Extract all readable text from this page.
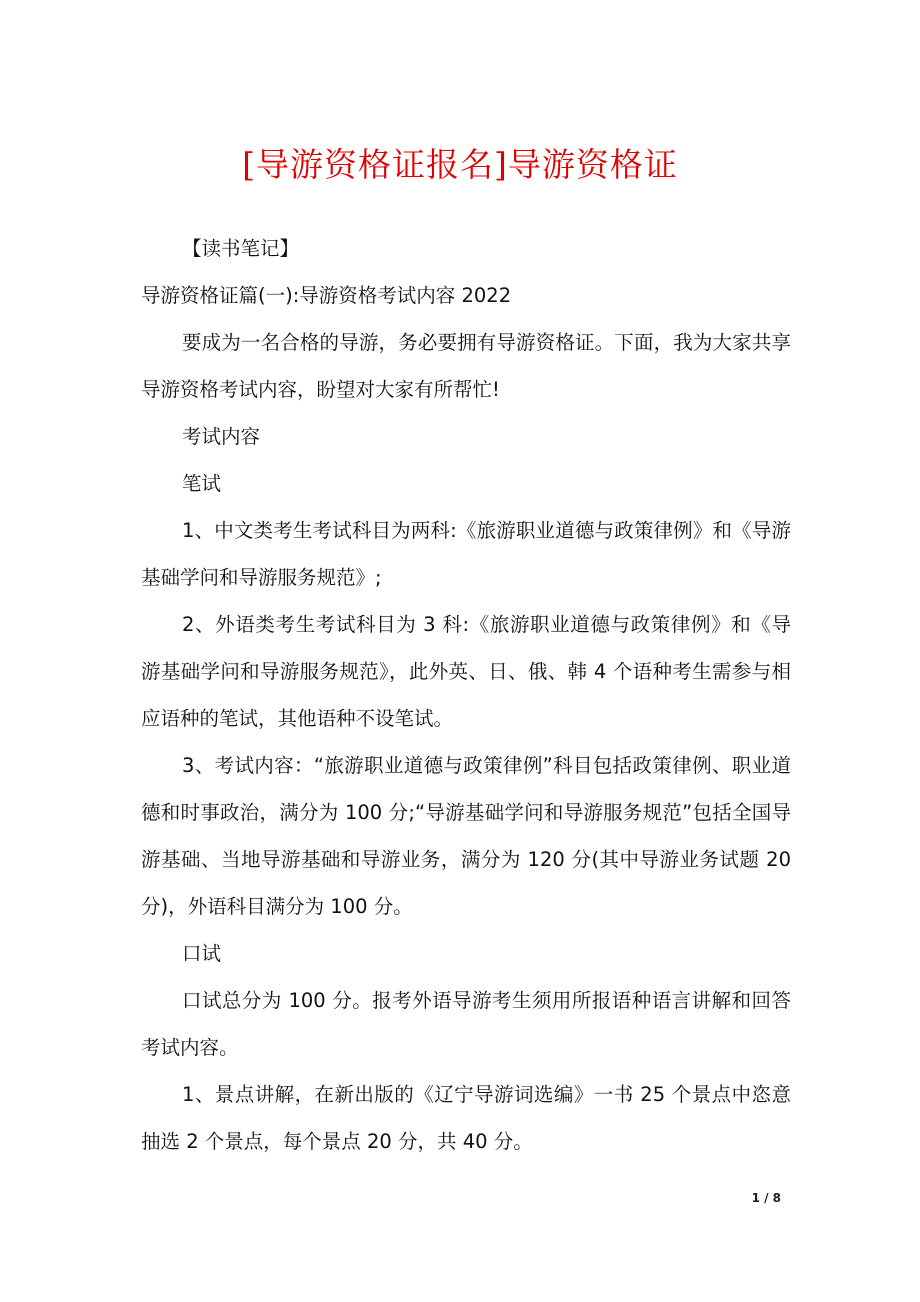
[导游资格证报名]导游资格证

【读书笔记】

导游资格证篇(一):导游资格考试内容 2022

要成为一名合格的导游，务必要拥有导游资格证。下面，我为大家共享导游资格考试内容，盼望对大家有所帮忙!

考试内容

笔试

1、中文类考生考试科目为两科:《旅游职业道德与政策律例》和《导游基础学问和导游服务规范》;

2、外语类考生考试科目为 3 科:《旅游职业道德与政策律例》和《导游基础学问和导游服务规范》，此外英、日、俄、韩 4 个语种考生需参与相应语种的笔试，其他语种不设笔试。

3、考试内容：“旅游职业道德与政策律例”科目包括政策律例、职业道德和时事政治，满分为 100 分;“导游基础学问和导游服务规范”包括全国导游基础、当地导游基础和导游业务，满分为 120 分(其中导游业务试题 20 分)，外语科目满分为 100 分。

口试

口试总分为 100 分。报考外语导游考生须用所报语种语言讲解和回答考试内容。

1、景点讲解，在新出版的《辽宁导游词选编》一书 25 个景点中恣意抽选 2 个景点，每个景点 20 分，共 40 分。

1 / 8
